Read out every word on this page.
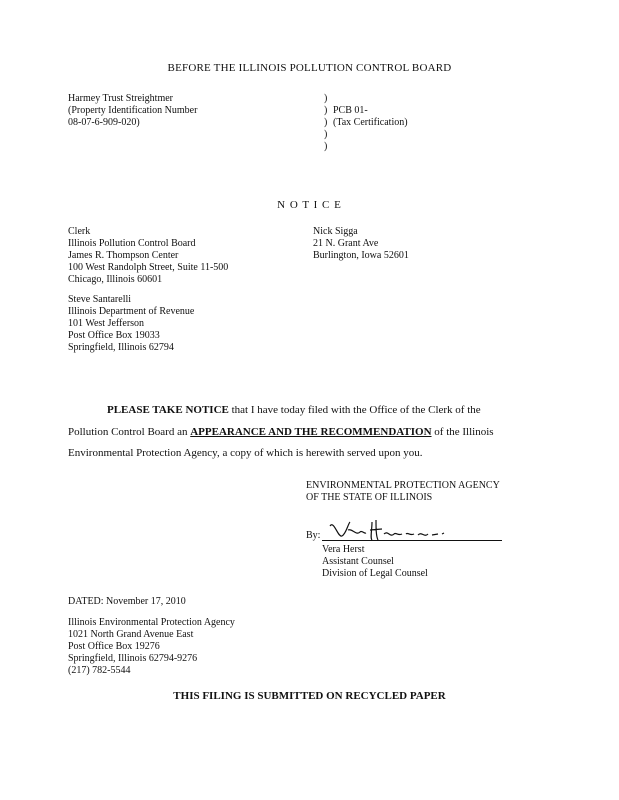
BEFORE THE ILLINOIS POLLUTION CONTROL BOARD
Harmey Trust Streightmer
(Property Identification Number
08-07-6-909-020)
)
)
)
)
)
PCB 01-
(Tax Certification)
N O T I C E
Clerk
Illinois Pollution Control Board
James R. Thompson Center
100 West Randolph Street, Suite 11-500
Chicago, Illinois 60601
Nick Sigga
21 N. Grant Ave
Burlington, Iowa 52601
Steve Santarelli
Illinois Department of Revenue
101 West Jefferson
Post Office Box 19033
Springfield, Illinois 62794
PLEASE TAKE NOTICE that I have today filed with the Office of the Clerk of the
Pollution Control Board an APPEARANCE AND THE RECOMMENDATION of the Illinois
Environmental Protection Agency, a copy of which is herewith served upon you.
ENVIRONMENTAL PROTECTION AGENCY
OF THE STATE OF ILLINOIS
By:
Vera Herst
Assistant Counsel
Division of Legal Counsel
DATED: November 17, 2010
Illinois Environmental Protection Agency
1021 North Grand Avenue East
Post Office Box 19276
Springfield, Illinois 62794-9276
(217) 782-5544
THIS FILING IS SUBMITTED ON RECYCLED PAPER
